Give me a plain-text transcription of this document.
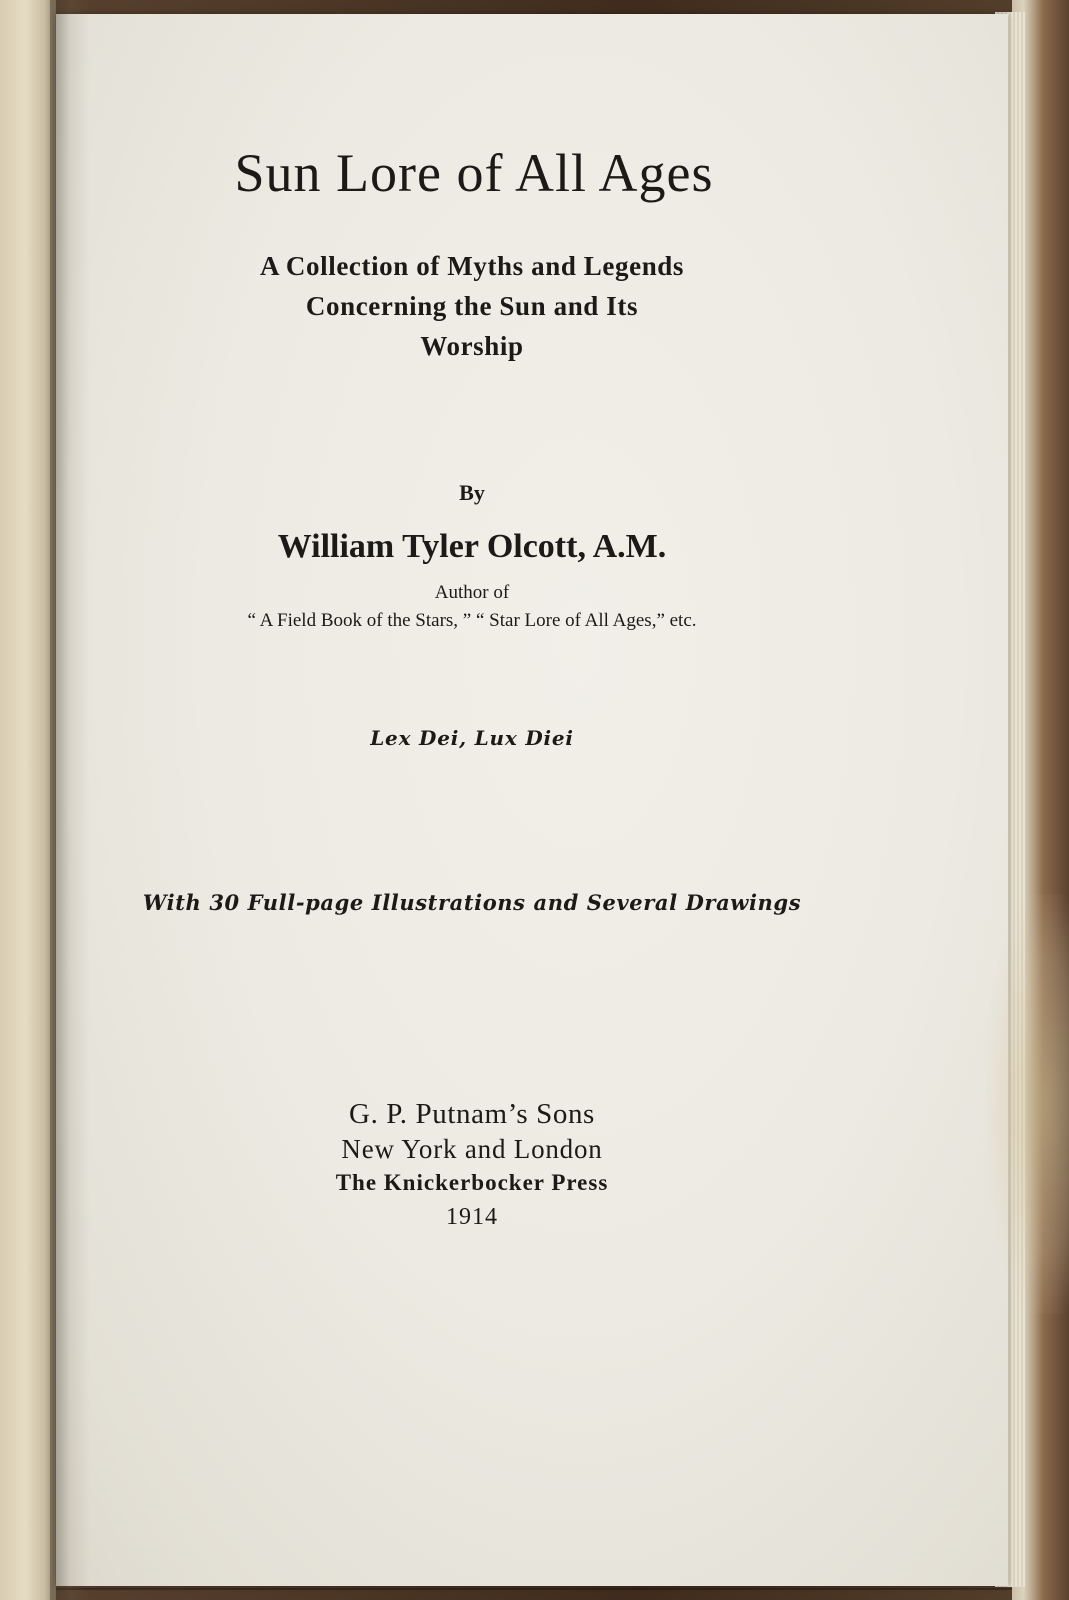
Sun Lore of All Ages
A Collection of Myths and Legends
Concerning the Sun and Its
Worship
By
William Tyler Olcott, A.M.
Author of
“ A Field Book of the Stars, ” “ Star Lore of All Ages,” etc.
Lex Dei, Lux Diei
With 30 Full-page Illustrations and Several Drawings
G. P. Putnam’s Sons
New York and London
The Knickerbocker Press
1914
